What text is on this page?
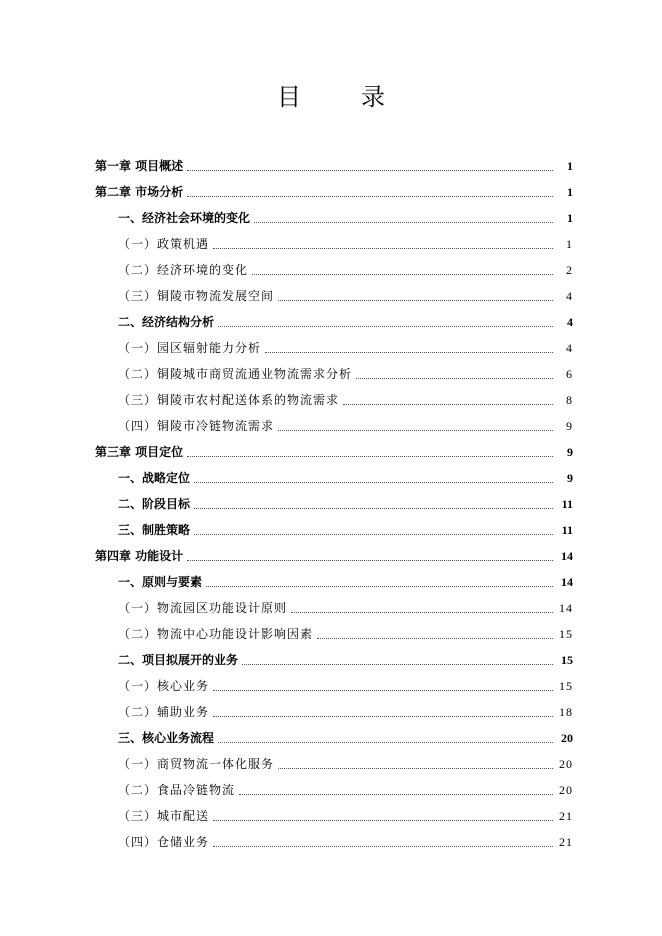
目　录
第一章 项目概述	1
第二章 市场分析	1
一、经济社会环境的变化	1
（一）政策机遇	1
（二）经济环境的变化	2
（三）铜陵市物流发展空间	4
二、经济结构分析	4
（一）园区辐射能力分析	4
（二）铜陵城市商贸流通业物流需求分析	6
（三）铜陵市农村配送体系的物流需求	8
（四）铜陵市冷链物流需求	9
第三章 项目定位	9
一、战略定位	9
二、阶段目标	11
三、制胜策略	11
第四章 功能设计	14
一、原则与要素	14
（一）物流园区功能设计原则	14
（二）物流中心功能设计影响因素	15
二、项目拟展开的业务	15
（一）核心业务	15
（二）辅助业务	18
三、核心业务流程	20
（一）商贸物流一体化服务	20
（二）食品冷链物流	20
（三）城市配送	21
（四）仓储业务	21
